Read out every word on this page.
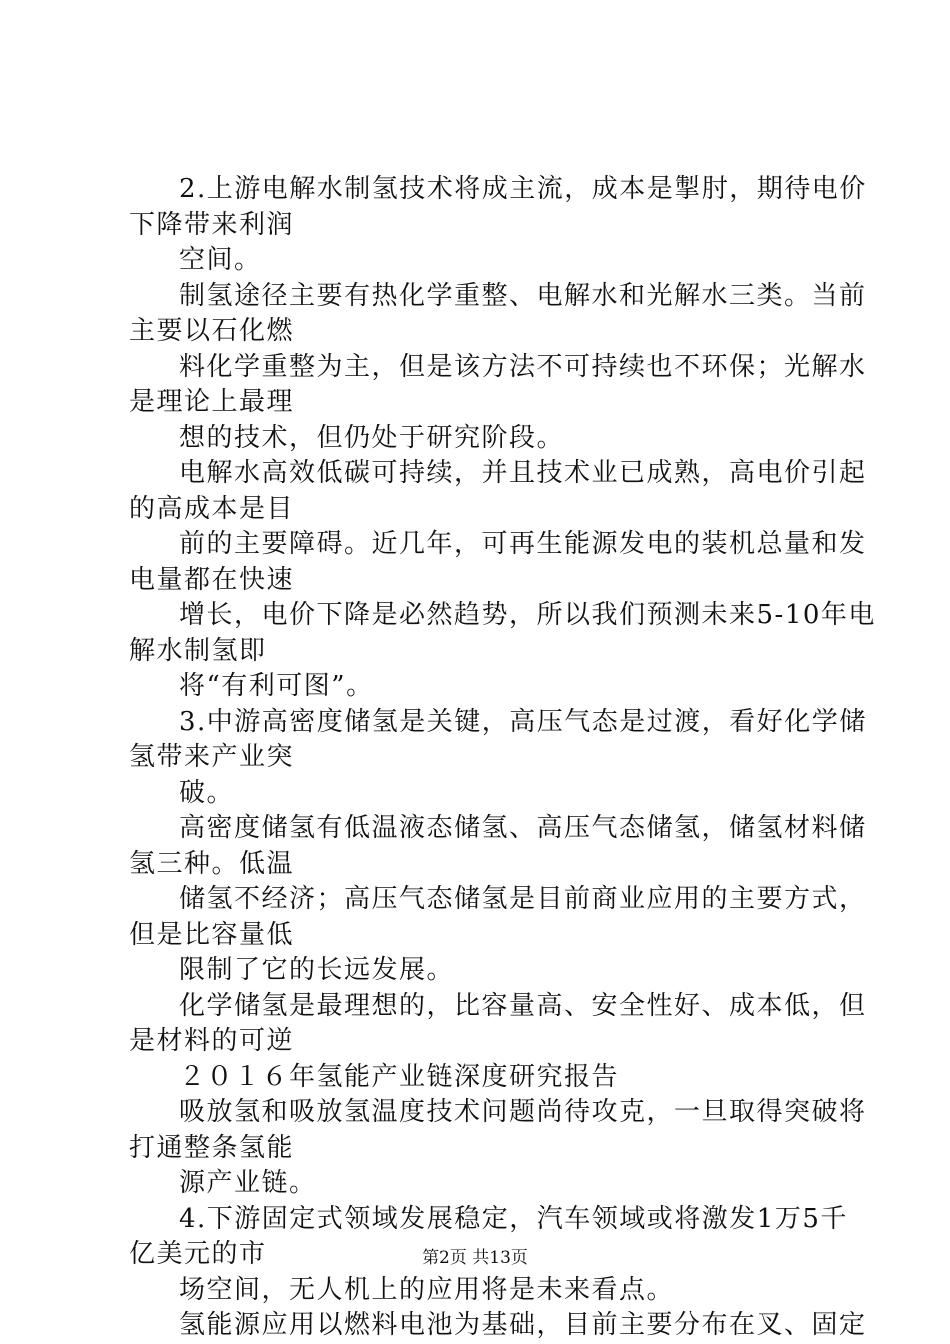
2.上游电解水制氢技术将成主流，成本是掣肘，期待电价
下降带来利润
空间。
制氢途径主要有热化学重整、电解水和光解水三类。当前
主要以石化燃
料化学重整为主，但是该方法不可持续也不环保；光解水
是理论上最理
想的技术，但仍处于研究阶段。
电解水高效低碳可持续，并且技术业已成熟，高电价引起
的高成本是目
前的主要障碍。近几年，可再生能源发电的装机总量和发
电量都在快速
增长，电价下降是必然趋势，所以我们预测未来5-10年电
解水制氢即
将“有利可图”。
3.中游高密度储氢是关键，高压气态是过渡，看好化学储
氢带来产业突
破。
高密度储氢有低温液态储氢、高压气态储氢，储氢材料储
氢三种。低温
储氢不经济；高压气态储氢是目前商业应用的主要方式，
但是比容量低
限制了它的长远发展。
化学储氢是最理想的，比容量高、安全性好、成本低，但
是材料的可逆
２０１６年氢能产业链深度研究报告
吸放氢和吸放氢温度技术问题尚待攻克，一旦取得突破将
打通整条氢能
源产业链。
4.下游固定式领域发展稳定，汽车领域或将激发1万5千
亿美元的市
场空间，无人机上的应用将是未来看点。
氢能源应用以燃料电池为基础，目前主要分布在叉、固定
第2页 共13页
